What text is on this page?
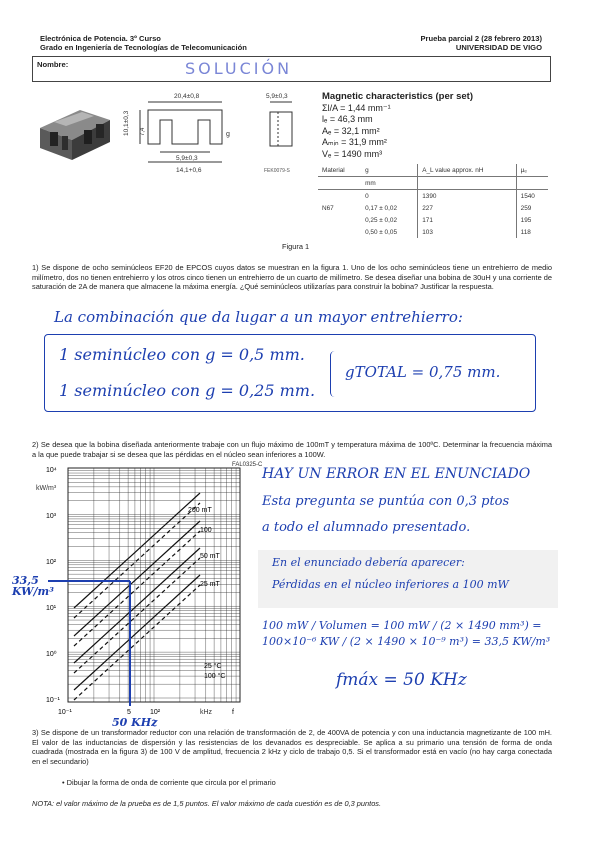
Electrónica de Potencia. 3º Curso
Grado en Ingeniería de Tecnologías de Telecomunicación
Prueba parcial 2 (28 febrero 2013)
UNIVERSIDAD DE VIGO
Nombre:	SOLUCIÓN
20,4±0,8
10,1±0,3 7,4
5,9±0,3
14,1+0,6
g
5,9±0,3
FEK0079-S
Magnetic characteristics (per set)
Σl/A = 1,44 mm⁻¹
lₑ = 46,3 mm
Aₑ = 32,1 mm²
Aₘᵢₙ = 31,9 mm²
Vₑ = 1490 mm³
Material	g	A_L value approx. nH	μₑ
	mm		
	0	1390	1540
N67	0,17 ± 0,02	227	259
	0,25 ± 0,02	171	195
	0,50 ± 0,05	103	118
Figura 1
1) Se dispone de ocho seminúcleos EF20 de EPCOS cuyos datos se muestran en la figura 1. Uno de los ocho seminúcleos tiene un entrehierro de medio milímetro, dos no tienen entrehierro y los otros cinco tienen un entrehierro de un cuarto de milímetro. Se desea diseñar una bobina de 30uH y una corriente de saturación de 2A de manera que almacene la máxima energía. ¿Qué seminúcleos utilizarías para construir la bobina? Justificar la respuesta.
La combinación que da lugar a un mayor entrehierro:
1 seminúcleo con g = 0,5 mm.
1 seminúcleo con g = 0,25 mm.
gTOTAL = 0,75 mm.
2) Se desea que la bobina diseñada anteriormente trabaje con un flujo máximo de 100mT y temperatura máxima de 100ºC. Determinar la frecuencia máxima a la que puede trabajar si se desea que las pérdidas en el núcleo sean inferiores a 100W.
FAL0325-C
kW/m³
kHz
10⁴
10³
10²
10¹
10⁰
10⁻¹
10⁻¹	5	10²	f
200 mT
100
50 mT
25 mT
25 °C
100 °C
33,5 KW/m³
50 KHz
HAY UN ERROR EN EL ENUNCIADO
Esta pregunta se puntúa con 0,3 ptos
a todo el alumnado presentado.
En el enunciado debería aparecer:
Pérdidas en el núcleo inferiores a 100 mW
100 mW / Volumen = 100 mW / (2 × 1490 mm³) = 100×10⁻⁶ KW / (2 × 1490 × 10⁻⁹ m³) = 33,5 KW/m³
fmáx = 50 KHz
3) Se dispone de un transformador reductor con una relación de transformación de 2, de 400VA de potencia y con una inductancia magnetizante de 100 mH. El valor de las inductancias de dispersión y las resistencias de los devanados es despreciable. Se aplica a su primario una tensión de forma de onda cuadrada (mostrada en la figura 3) de 100 V de amplitud, frecuencia 2 kHz y ciclo de trabajo 0,5. Si el transformador está en vacío (no hay carga conectada en el secundario)
• Dibujar la forma de onda de corriente que circula por el primario
NOTA: el valor máximo de la prueba es de 1,5 puntos. El valor máximo de cada cuestión es de 0,3 puntos.
